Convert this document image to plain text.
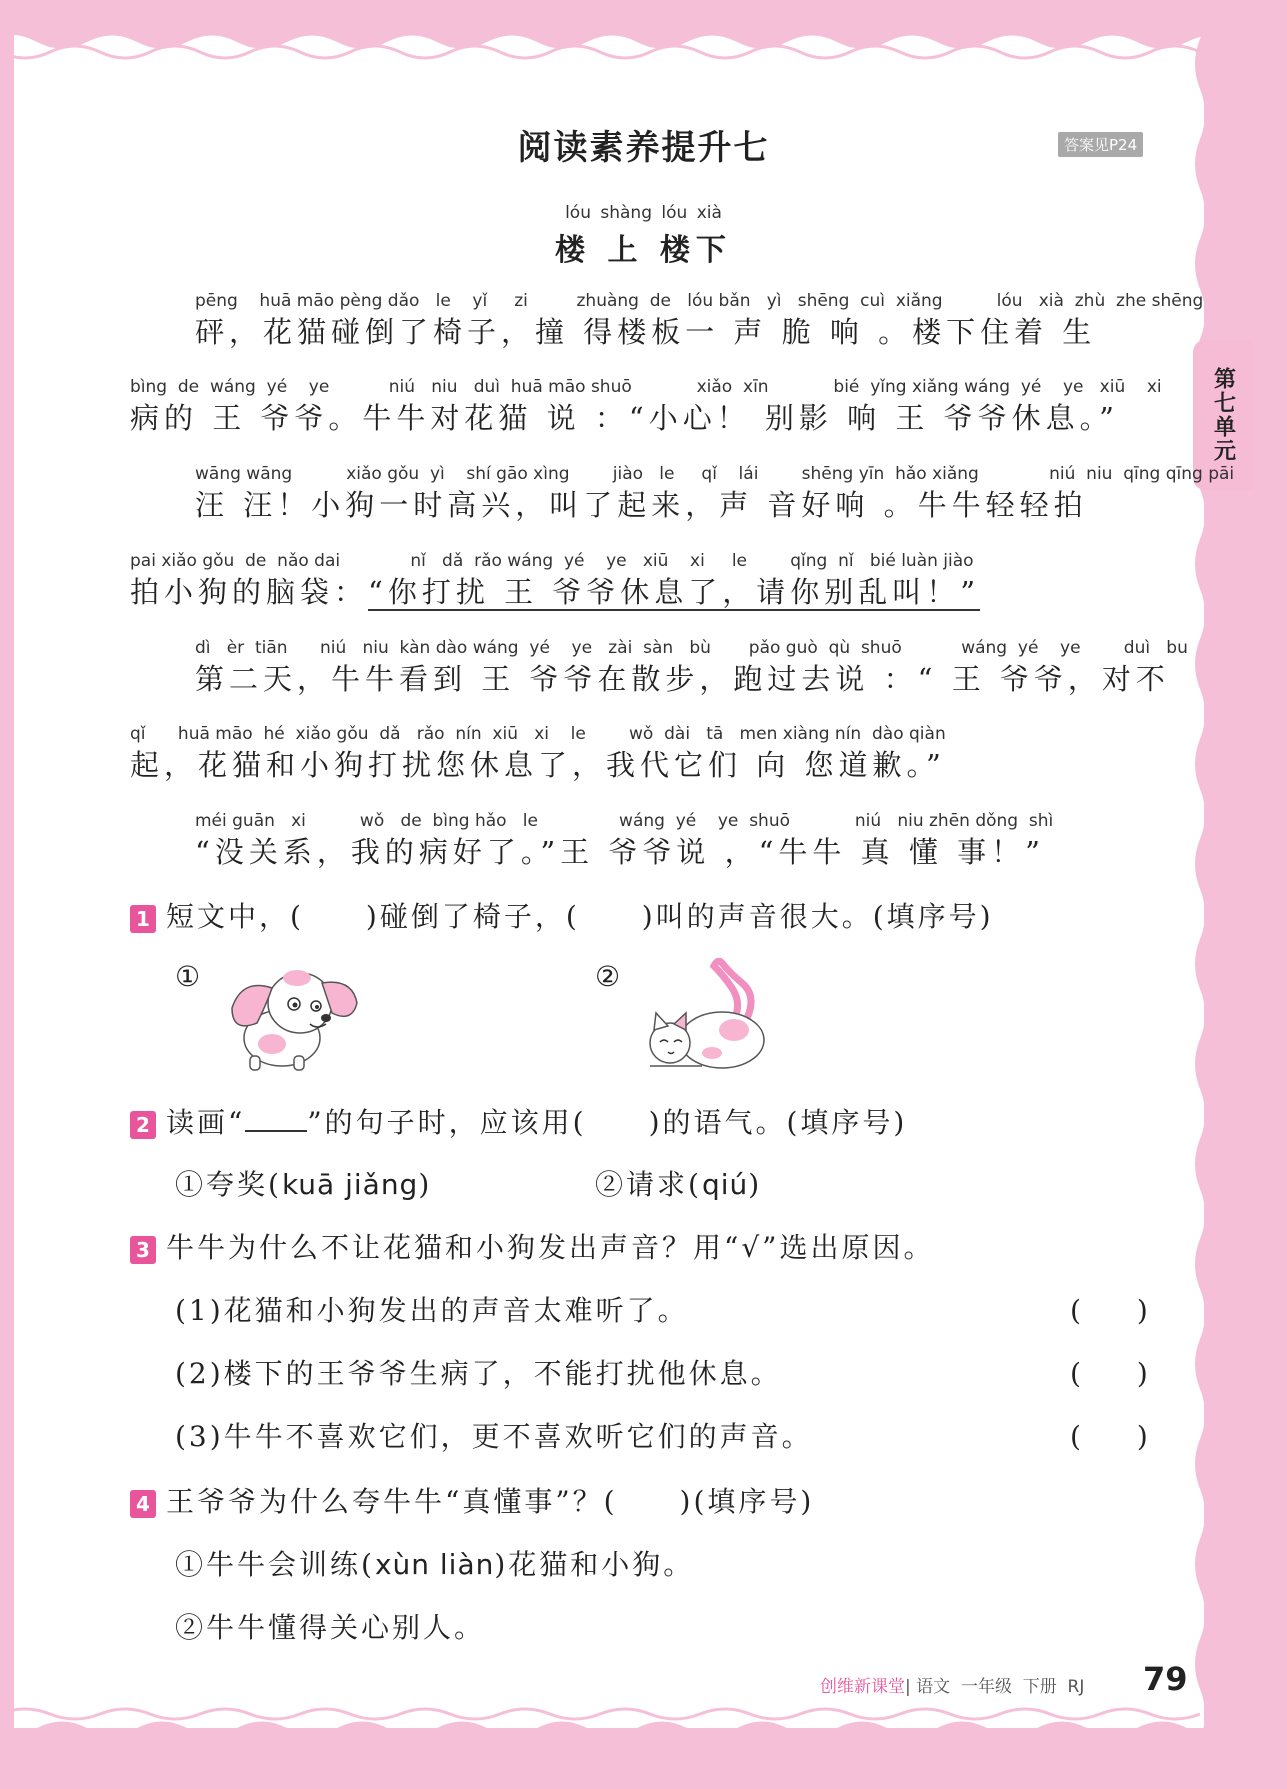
阅读素养提升七	答案见P24
第七单元
lóu shàng lóu xià
楼 上 楼下
pēng    huā māo pèng dǎo   le    yǐ     zi         zhuàng  de   lóu bǎn   yì   shēng  cuì  xiǎng          lóu   xià  zhù  zhe shēng
砰，花猫碰倒了椅子，撞 得楼板一 声 脆 响 。楼下住着 生
bìng  de  wáng  yé    ye           niú   niu   duì  huā māo shuō            xiǎo  xīn            bié  yǐng xiǎng wáng  yé    ye   xiū    xi
病的 王 爷爷。牛牛对花猫 说 ：“小心！ 别影 响 王 爷爷休息。”
wāng wāng          xiǎo gǒu  yì    shí gāo xìng        jiào   le     qǐ    lái        shēng yīn  hǎo xiǎng             niú  niu  qīng qīng pāi
汪 汪！小狗一时高兴，叫了起来，声 音好响 。牛牛轻轻拍
pai xiǎo gǒu  de  nǎo dai             nǐ   dǎ  rǎo wáng  yé    ye   xiū    xi     le        qǐng  nǐ   bié luàn jiào
拍小狗的脑袋：“你打扰 王 爷爷休息了，请你别乱叫！”
dì   èr  tiān      niú   niu  kàn dào wáng  yé    ye   zài  sàn   bù       pǎo guò  qù  shuō           wáng  yé    ye        duì   bu
第二天，牛牛看到 王 爷爷在散步，跑过去说 ：“ 王 爷爷，对不
qǐ      huā māo  hé  xiǎo gǒu  dǎ   rǎo  nín  xiū   xi    le        wǒ  dài   tā   men xiàng nín  dào qiàn
起，花猫和小狗打扰您休息了，我代它们 向 您道歉。”
méi guān   xi          wǒ   de  bìng hǎo   le               wáng  yé    ye  shuō            niú   niu zhēn dǒng  shì
“没关系，我的病好了。”王 爷爷说 ，“牛牛 真 懂 事！”
1 短文中，(　　)碰倒了椅子，(　　)叫的声音很大。(填序号)
①	②
2 读画“ ”的句子时，应该用(　　)的语气。(填序号)
①夸奖(kuā jiǎng)	②请求(qiú)
3 牛牛为什么不让花猫和小狗发出声音？用“√”选出原因。
(1)花猫和小狗发出的声音太难听了。	(　　)
(2)楼下的王爷爷生病了，不能打扰他休息。	(　　)
(3)牛牛不喜欢它们，更不喜欢听它们的声音。	(　　)
4 王爷爷为什么夸牛牛“真懂事”？(　　)(填序号)
①牛牛会训练(xùn liàn)花猫和小狗。
②牛牛懂得关心别人。
创维新课堂| 语文  一年级  下册  RJ 79
